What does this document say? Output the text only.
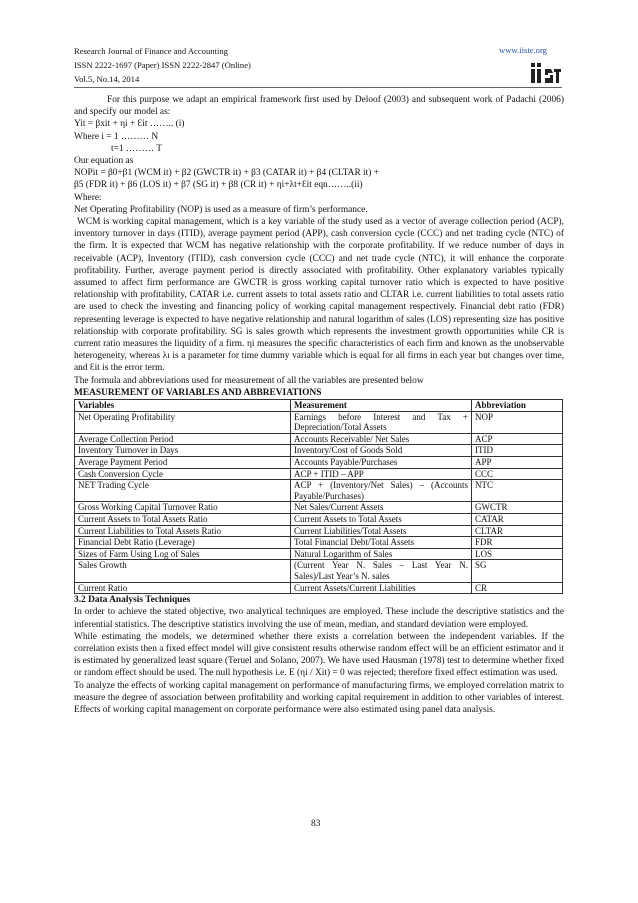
Research Journal of Finance and Accounting
ISSN 2222-1697 (Paper) ISSN 2222-2847 (Online)
Vol.5, No.14, 2014
www.iiste.org

For this purpose we adapt an empirical framework first used by Deloof (2003) and subsequent work of Padachi (2006) and specify our model as:

Yit = βxit + ηi + Ɛit …….. (i)

Where i = 1 ……… N

t=1 ……… T

Our equation as

NOPit = β0+β1 (WCM it) + β2 (GWCTR it) + β3 (CATAR it) + β4 (CLTAR it) +

β5 (FDR it) + β6 (LOS it) + β7 (SG it) + β8 (CR it) + ηi+λt+Ɛit eqn……..(ii)

Where:

Net Operating Profitability (NOP) is used as a measure of firm’s performance.

WCM is working capital management, which is a key variable of the study used as a vector of average collection period (ACP), inventory turnover in days (ITID), average payment period (APP), cash conversion cycle (CCC) and net trading cycle (NTC) of the firm. It is expected that WCM has negative relationship with the corporate profitability. If we reduce number of days in receivable (ACP), Inventory (ITID), cash conversion cycle (CCC) and net trade cycle (NTC), it will enhance the corporate profitability. Further, average payment period is directly associated with profitability. Other explanatory variables typically assumed to affect firm performance are GWCTR is gross working capital turnover ratio which is expected to have positive relationship with profitability, CATAR i.e. current assets to total assets ratio and CLTAR i.e. current liabilities to total assets ratio are used to check the investing and financing policy of working capital management respectively. Financial debt ratio (FDR) representing leverage is expected to have negative relationship and natural logarithm of sales (LOS) representing size has positive relationship with corporate profitability. SG is sales growth which represents the investment growth opportunities while CR is current ratio measures the liquidity of a firm. ηi measures the specific characteristics of each firm and known as the unobservable heterogeneity, whereas λı is a parameter for time dummy variable which is equal for all firms in each year but changes over time, and Ɛit is the error term.

The formula and abbreviations used for measurement of all the variables are presented below

MEASUREMENT OF VARIABLES AND ABBREVIATIONS

Variables	Measurement	Abbreviation
Net Operating Profitability	Earnings before Interest and Tax + Depreciation/Total Assets	NOP
Average Collection Period	Accounts Receivable/ Net Sales	ACP
Inventory Turnover in Days	Inventory/Cost of Goods Sold	ITID
Average Payment Period	Accounts Payable/Purchases	APP
Cash Conversion Cycle	ACP + ITID – APP	CCC
NET Trading Cycle	ACP + (Inventory/Net Sales) – (Accounts Payable/Purchases)	NTC
Gross Working Capital Turnover Ratio	Net Sales/Current Assets	GWCTR
Current Assets to Total Assets Ratio	Current Assets to Total Assets	CATAR
Current Liabilities to Total Assets Ratio	Current Liabilities/Total Assets	CLTAR
Financial Debt Ratio (Leverage)	Total Financial Debt/Total Assets	FDR
Sizes of Farm Using Log of Sales	Natural Logarithm of Sales	LOS
Sales Growth	(Current Year N. Sales – Last Year N. Sales)/Last Year’s N. sales	SG
Current Ratio	Current Assets/Current Liabilities	CR

3.2 Data Analysis Techniques

In order to achieve the stated objective, two analytical techniques are employed. These include the descriptive statistics and the inferential statistics. The descriptive statistics involving the use of mean, median, and standard deviation were employed.

While estimating the models, we determined whether there exists a correlation between the independent variables. If the correlation exists then a fixed effect model will give consistent results otherwise random effect will be an efficient estimator and it is estimated by generalized least square (Teruel and Solano, 2007). We have used Hausman (1978) test to determine whether fixed or random effect should be used. The null hypothesis i.e. E (ηi / Xit) = 0 was rejected; therefore fixed effect estimation was used.

To analyze the effects of working capital management on performance of manufacturing firms, we employed correlation matrix to measure the degree of association between profitability and working capital requirement in addition to other variables of interest. Effects of working capital management on corporate performance were also estimated using panel data analysis.

83
